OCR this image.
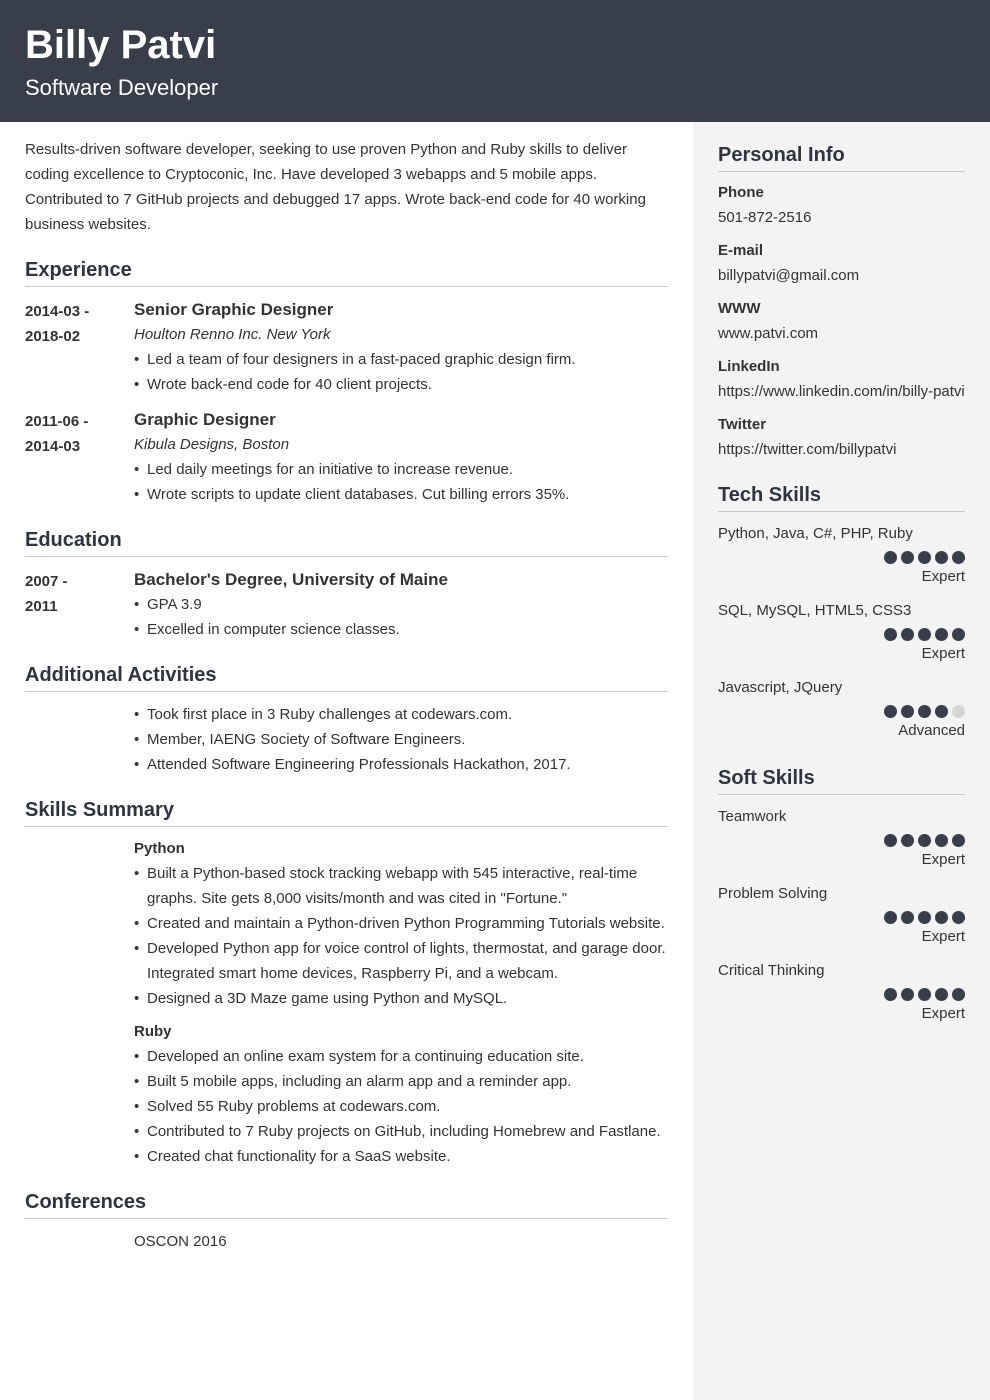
Billy Patvi
Software Developer

Results-driven software developer, seeking to use proven Python and Ruby skills to deliver coding excellence to Cryptoconic, Inc. Have developed 3 webapps and 5 mobile apps. Contributed to 7 GitHub projects and debugged 17 apps. Wrote back-end code for 40 working business websites.

Experience
2014-03 -
2018-02
Senior Graphic Designer
Houlton Renno Inc. New York
• Led a team of four designers in a fast-paced graphic design firm.
• Wrote back-end code for 40 client projects.
2011-06 -
2014-03
Graphic Designer
Kibula Designs, Boston
• Led daily meetings for an initiative to increase revenue.
• Wrote scripts to update client databases. Cut billing errors 35%.
Education
2007 -
2011
Bachelor's Degree, University of Maine
• GPA 3.9
• Excelled in computer science classes.
Additional Activities
• Took first place in 3 Ruby challenges at codewars.com.
• Member, IAENG Society of Software Engineers.
• Attended Software Engineering Professionals Hackathon, 2017.
Skills Summary
Python
• Built a Python-based stock tracking webapp with 545 interactive, real-time graphs. Site gets 8,000 visits/month and was cited in "Fortune."
• Created and maintain a Python-driven Python Programming Tutorials website.
• Developed Python app for voice control of lights, thermostat, and garage door. Integrated smart home devices, Raspberry Pi, and a webcam.
• Designed a 3D Maze game using Python and MySQL.
Ruby
• Developed an online exam system for a continuing education site.
• Built 5 mobile apps, including an alarm app and a reminder app.
• Solved 55 Ruby problems at codewars.com.
• Contributed to 7 Ruby projects on GitHub, including Homebrew and Fastlane.
• Created chat functionality for a SaaS website.
Conferences
OSCON 2016
Personal Info
Phone
501-872-2516
E-mail
billypatvi@gmail.com
WWW
www.patvi.com
LinkedIn
https://www.linkedin.com/in/billy-patvi
Twitter
https://twitter.com/billypatvi
Tech Skills
Python, Java, C#, PHP, Ruby
Expert
SQL, MySQL, HTML5, CSS3
Expert
Javascript, JQuery
Advanced
Soft Skills
Teamwork
Expert
Problem Solving
Expert
Critical Thinking
Expert
